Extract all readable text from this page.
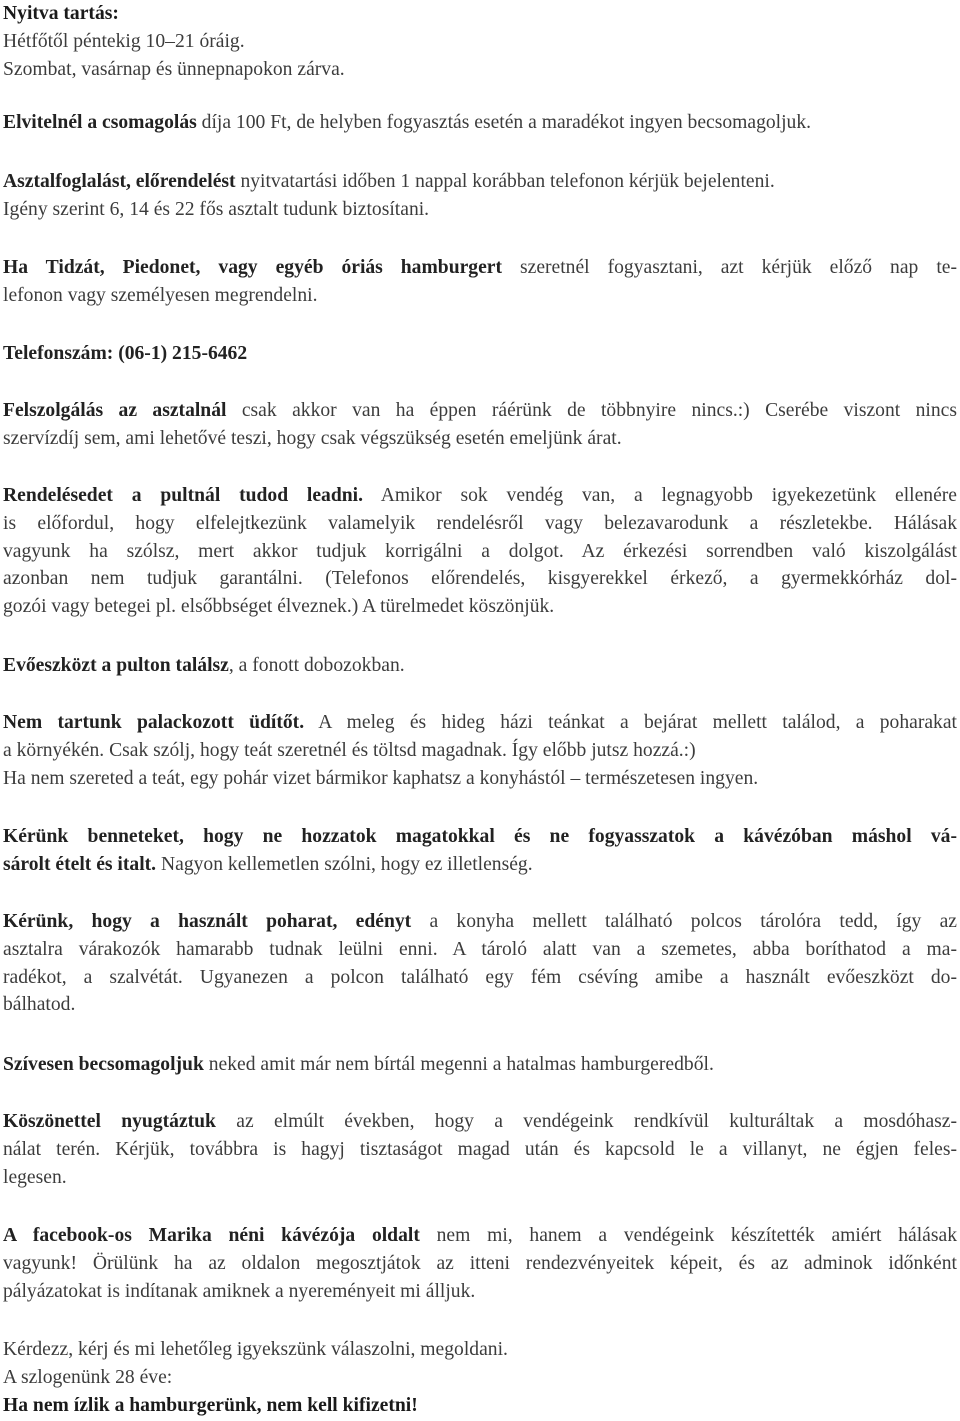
Nyitva tartás:
Hétfőtől péntekig 10–21 óráig.
Szombat, vasárnap és ünnepnapokon zárva.

Elvitelnél a csomagolás díja 100 Ft, de helyben fogyasztás esetén a maradékot ingyen becsomagoljuk.

Asztalfoglalást, előrendelést nyitvatartási időben 1 nappal korábban telefonon kérjük bejelenteni.
Igény szerint 6, 14 és 22 fős asztalt tudunk biztosítani.

Ha Tidzát, Piedonet, vagy egyéb óriás hamburgert szeretnél fogyasztani, azt kérjük előző nap te-
lefonon vagy személyesen megrendelni.

Telefonszám: (06-1) 215-6462

Felszolgálás az asztalnál csak akkor van ha éppen ráérünk de többnyire nincs.:) Cserébe viszont nincs
szervízdíj sem, ami lehetővé teszi, hogy csak végszükség esetén emeljünk árat.

Rendelésedet a pultnál tudod leadni. Amikor sok vendég van, a legnagyobb igyekezetünk ellenére
is előfordul, hogy elfelejtkezünk valamelyik rendelésről vagy belezavarodunk a részletekbe. Hálásak
vagyunk ha szólsz, mert akkor tudjuk korrigálni a dolgot. Az érkezési sorrendben való kiszolgálást
azonban nem tudjuk garantálni. (Telefonos előrendelés, kisgyerekkel érkező, a gyermekkórház dol-
gozói vagy betegei pl. elsőbbséget élveznek.) A türelmedet köszönjük.

Evőeszközt a pulton találsz, a fonott dobozokban.

Nem tartunk palackozott üdítőt. A meleg és hideg házi teánkat a bejárat mellett találod, a poharakat
a környékén. Csak szólj, hogy teát szeretnél és töltsd magadnak. Így előbb jutsz hozzá.:)
Ha nem szereted a teát, egy pohár vizet bármikor kaphatsz a konyhástól – természetesen ingyen.

Kérünk benneteket, hogy ne hozzatok magatokkal és ne fogyasszatok a kávézóban máshol vá-
sárolt ételt és italt. Nagyon kellemetlen szólni, hogy ez illetlenség.

Kérünk, hogy a használt poharat, edényt a konyha mellett található polcos tárolóra tedd, így az
asztalra várakozók hamarabb tudnak leülni enni. A tároló alatt van a szemetes, abba boríthatod a ma-
radékot, a szalvétát. Ugyanezen a polcon található egy fém csévíng amibe a használt evőeszközt do-
bálhatod.

Szívesen becsomagoljuk neked amit már nem bírtál megenni a hatalmas hamburgeredből.

Köszönettel nyugtáztuk az elmúlt években, hogy a vendégeink rendkívül kulturáltak a mosdóhasz-
nálat terén. Kérjük, továbbra is hagyj tisztaságot magad után és kapcsold le a villanyt, ne égjen feles-
legesen.

A facebook-os Marika néni kávézója oldalt nem mi, hanem a vendégeink készítették amiért hálásak
vagyunk! Örülünk ha az oldalon megosztjátok az itteni rendezvényeitek képeit, és az adminok időnként
pályázatokat is indítanak amiknek a nyereményeit mi álljuk.

Kérdezz, kérj és mi lehetőleg igyekszünk válaszolni, megoldani.
A szlogenünk 28 éve:
Ha nem ízlik a hamburgerünk, nem kell kifizetni!
